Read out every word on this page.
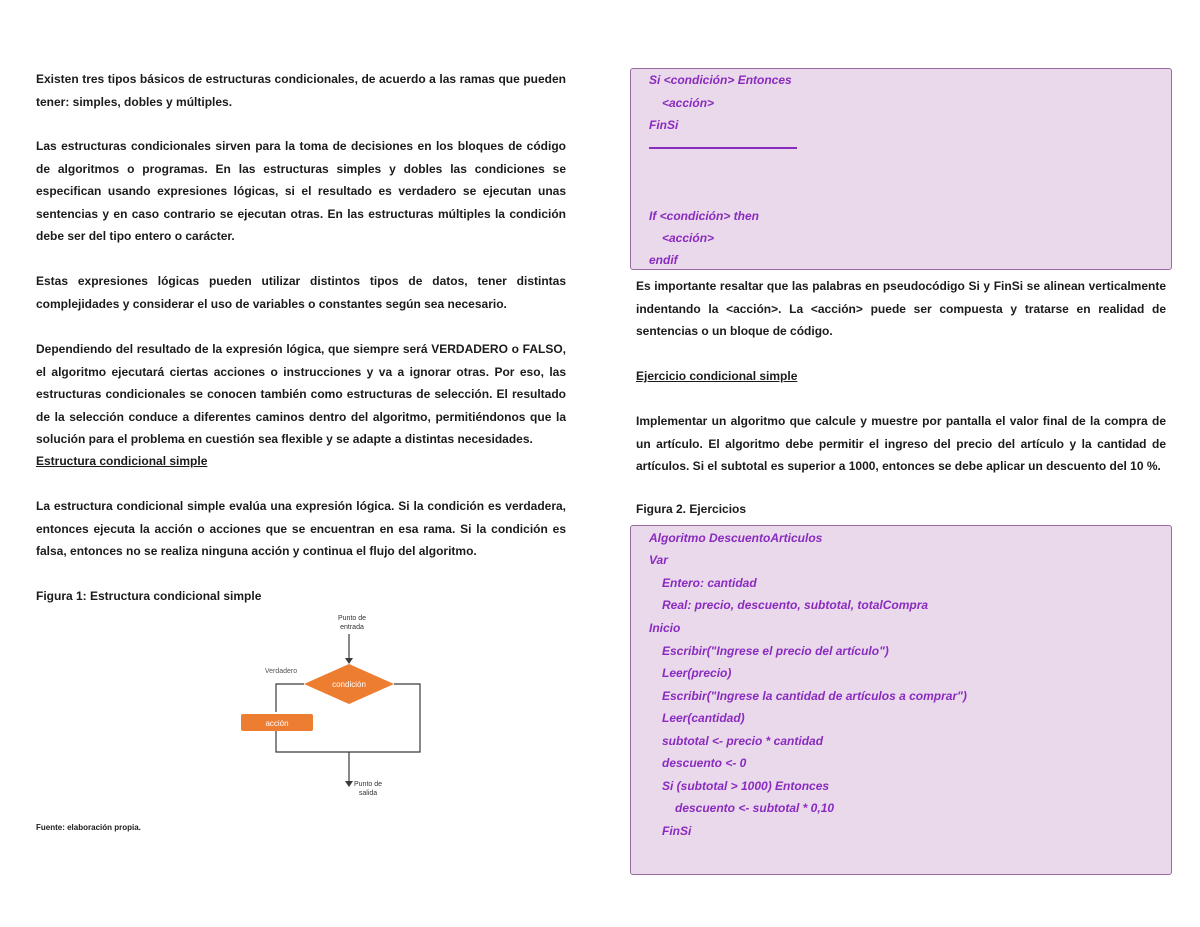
Existen tres tipos básicos de estructuras condicionales, de acuerdo a las ramas que pueden tener: simples, dobles y múltiples.

Las estructuras condicionales sirven para la toma de decisiones en los bloques de código de algoritmos o programas. En las estructuras simples y dobles las condiciones se especifican usando expresiones lógicas, si el resultado es verdadero se ejecutan unas sentencias y en caso contrario se ejecutan otras. En las estructuras múltiples la condición debe ser del tipo entero o carácter.

Estas expresiones lógicas pueden utilizar distintos tipos de datos, tener distintas complejidades y considerar el uso de variables o constantes según sea necesario.

Dependiendo del resultado de la expresión lógica, que siempre será VERDADERO o FALSO, el algoritmo ejecutará ciertas acciones o instrucciones y va a ignorar otras. Por eso, las estructuras condicionales se conocen también como estructuras de selección. El resultado de la selección conduce a diferentes caminos dentro del algoritmo, permitiéndonos que la solución para el problema en cuestión sea flexible y se adapte a distintas necesidades.

Estructura condicional simple

La estructura condicional simple evalúa una expresión lógica. Si la condición es verdadera, entonces ejecuta la acción o acciones que se encuentran en esa rama. Si la condición es falsa, entonces no se realiza ninguna acción y continua el flujo del algoritmo.

Figura 1: Estructura condicional simple

Punto de
entrada
condición
Verdadero
acción
Punto de
salida

Fuente: elaboración propia.

Si <condición> Entonces

<acción>

FinSi

If <condición> then

<acción>

endif

Es importante resaltar que las palabras en pseudocódigo Si y FinSi se alinean verticalmente indentando la <acción>. La <acción> puede ser compuesta y tratarse en realidad de sentencias o un bloque de código.

Ejercicio condicional simple

Implementar un algoritmo que calcule y muestre por pantalla el valor final de la compra de un artículo. El algoritmo debe permitir el ingreso del precio del artículo y la cantidad de artículos. Si el subtotal es superior a 1000, entonces se debe aplicar un descuento del 10 %.

Figura 2. Ejercicios

Algoritmo DescuentoArticulos

Var

Entero: cantidad

Real: precio, descuento, subtotal, totalCompra

Inicio

Escribir("Ingrese el precio del artículo")

Leer(precio)

Escribir("Ingrese la cantidad de artículos a comprar")

Leer(cantidad)

subtotal <- precio * cantidad

descuento <- 0

Si (subtotal > 1000) Entonces

descuento <- subtotal * 0,10

FinSi
